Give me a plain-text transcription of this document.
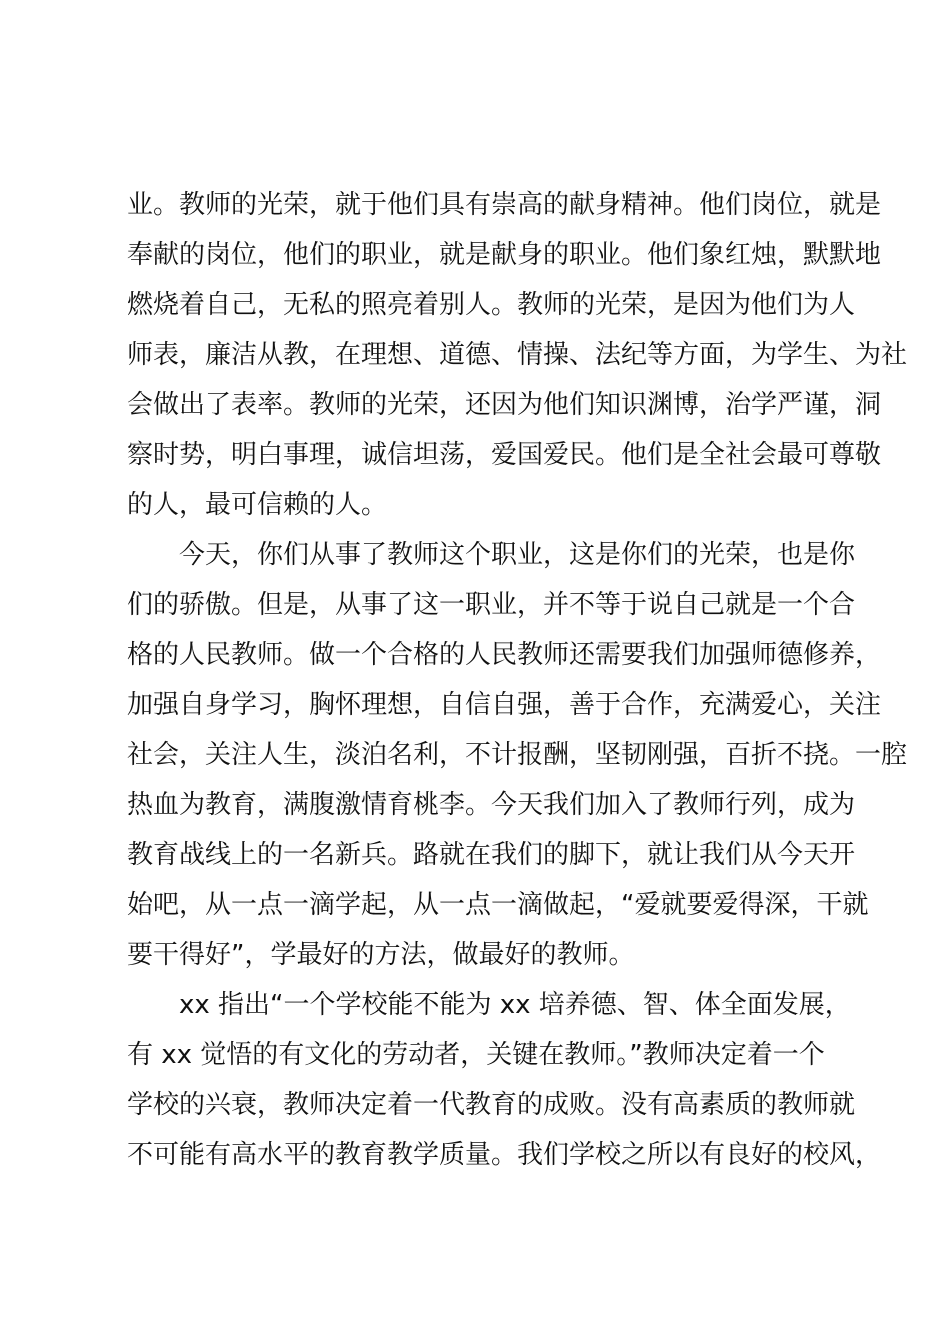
业。教师的光荣，就于他们具有崇高的献身精神。他们岗位，就是
奉献的岗位，他们的职业，就是献身的职业。他们象红烛，默默地
燃烧着自己，无私的照亮着别人。教师的光荣，是因为他们为人
师表，廉洁从教，在理想、道德、情操、法纪等方面，为学生、为社
会做出了表率。教师的光荣，还因为他们知识渊博，治学严谨，洞
察时势，明白事理，诚信坦荡，爱国爱民。他们是全社会最可尊敬
的人，最可信赖的人。
今天，你们从事了教师这个职业，这是你们的光荣，也是你
们的骄傲。但是，从事了这一职业，并不等于说自己就是一个合
格的人民教师。做一个合格的人民教师还需要我们加强师德修养，
加强自身学习，胸怀理想，自信自强，善于合作，充满爱心，关注
社会，关注人生，淡泊名利，不计报酬，坚韧刚强，百折不挠。一腔
热血为教育，满腹激情育桃李。今天我们加入了教师行列，成为
教育战线上的一名新兵。路就在我们的脚下，就让我们从今天开
始吧，从一点一滴学起，从一点一滴做起，“爱就要爱得深，干就
要干得好”，学最好的方法，做最好的教师。
xx 指出“一个学校能不能为 xx 培养德、智、体全面发展，
有 xx 觉悟的有文化的劳动者，关键在教师。”教师决定着一个
学校的兴衰，教师决定着一代教育的成败。没有高素质的教师就
不可能有高水平的教育教学质量。我们学校之所以有良好的校风，
